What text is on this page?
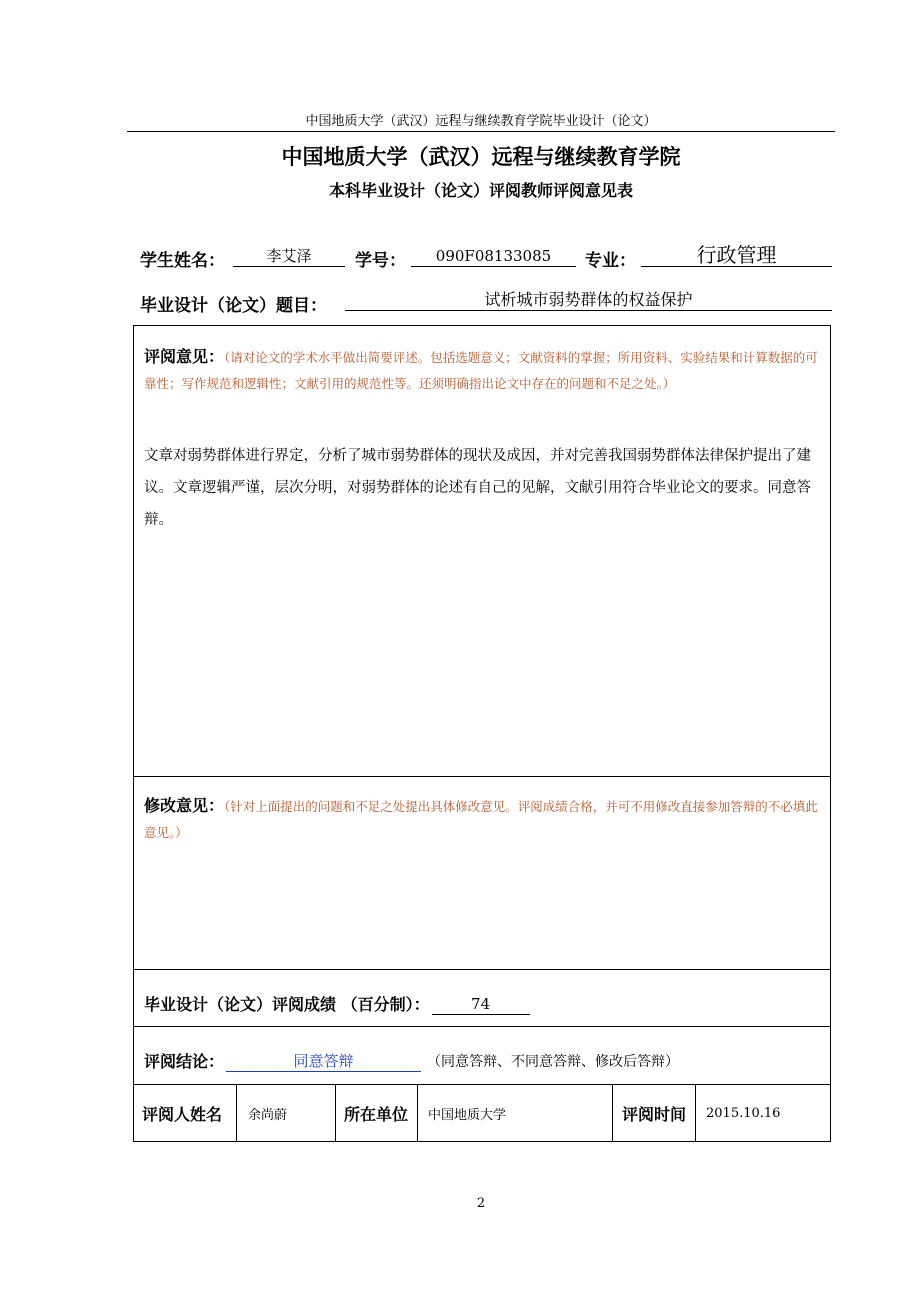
中国地质大学（武汉）远程与继续教育学院毕业设计（论文）
中国地质大学（武汉）远程与继续教育学院
本科毕业设计（论文）评阅教师评阅意见表
学生姓名：	李艾泽	学号：	090F08133085	专业：	行政管理
毕业设计（论文）题目：	试析城市弱势群体的权益保护
评阅意见：（请对论文的学术水平做出简要评述。包括选题意义；文献资料的掌握；所用资料、实验结果和计算数据的可靠性；写作规范和逻辑性；文献引用的规范性等。还须明确指出论文中存在的问题和不足之处。）
文章对弱势群体进行界定，分析了城市弱势群体的现状及成因，并对完善我国弱势群体法律保护提出了建议。文章逻辑严谨，层次分明，对弱势群体的论述有自己的见解，文献引用符合毕业论文的要求。同意答辩。
修改意见：（针对上面提出的问题和不足之处提出具体修改意见。评阅成绩合格，并可不用修改直接参加答辩的不必填此意见。）
毕业设计（论文）评阅成绩 （百分制）：	74
评阅结论：	同意答辩	（同意答辩、不同意答辩、修改后答辩）
评阅人姓名 余尚蔚	所在单位 中国地质大学	评阅时间 2015.10.16
2
